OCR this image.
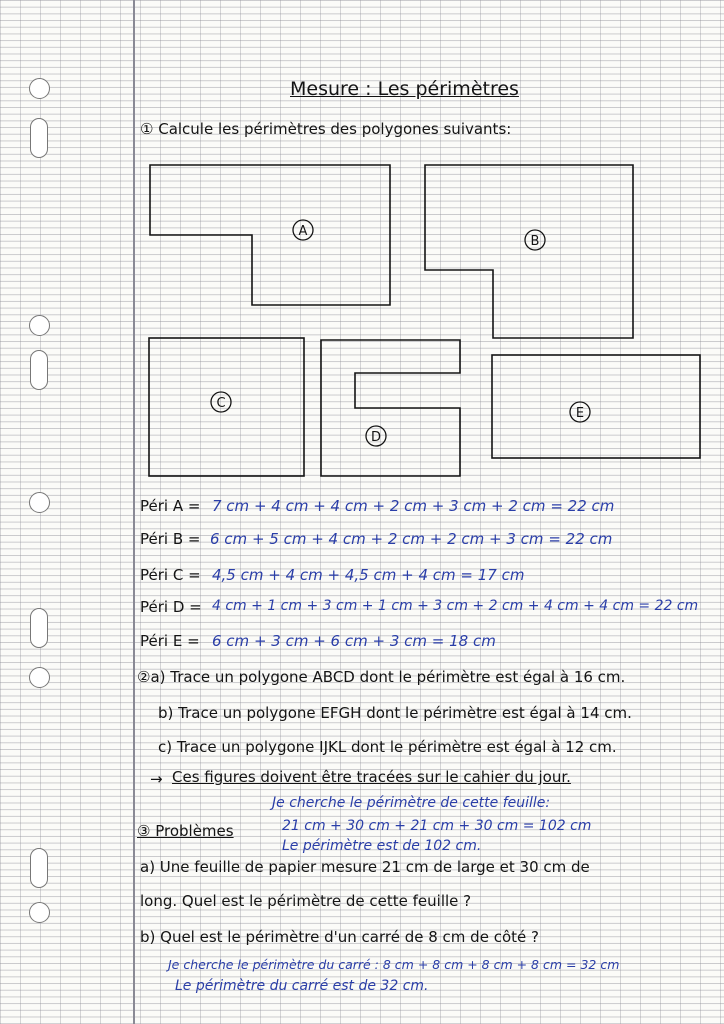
Mesure : Les périmètres
① Calcule les périmètres des polygones suivants:
A
B
C
D
E
Péri A = 7 cm + 4 cm + 4 cm + 2 cm + 3 cm + 2 cm = 22 cm
Péri B = 6 cm + 5 cm + 4 cm + 2 cm + 2 cm + 3 cm = 22 cm
Péri C = 4,5 cm + 4 cm + 4,5 cm + 4 cm = 17 cm
Péri D = 4 cm + 1 cm + 3 cm + 1 cm + 3 cm + 2 cm + 4 cm + 4 cm = 22 cm
Péri E = 6 cm + 3 cm + 6 cm + 3 cm = 18 cm
②a) Trace un polygone ABCD dont le périmètre est égal à 16 cm.
b) Trace un polygone EFGH dont le périmètre est égal à 14 cm.
c) Trace un polygone IJKL dont le périmètre est égal à 12 cm.
→ Ces figures doivent être tracées sur le cahier du jour.
Je cherche le périmètre de cette feuille:
③ Problèmes	21 cm + 30 cm + 21 cm + 30 cm = 102 cm
Le périmètre est de 102 cm.
a) Une feuille de papier mesure 21 cm de large et 30 cm de
long. Quel est le périmètre de cette feuille ?
b) Quel est le périmètre d'un carré de 8 cm de côté ?
Je cherche le périmètre du carré : 8 cm + 8 cm + 8 cm + 8 cm = 32 cm
Le périmètre du carré est de 32 cm.
